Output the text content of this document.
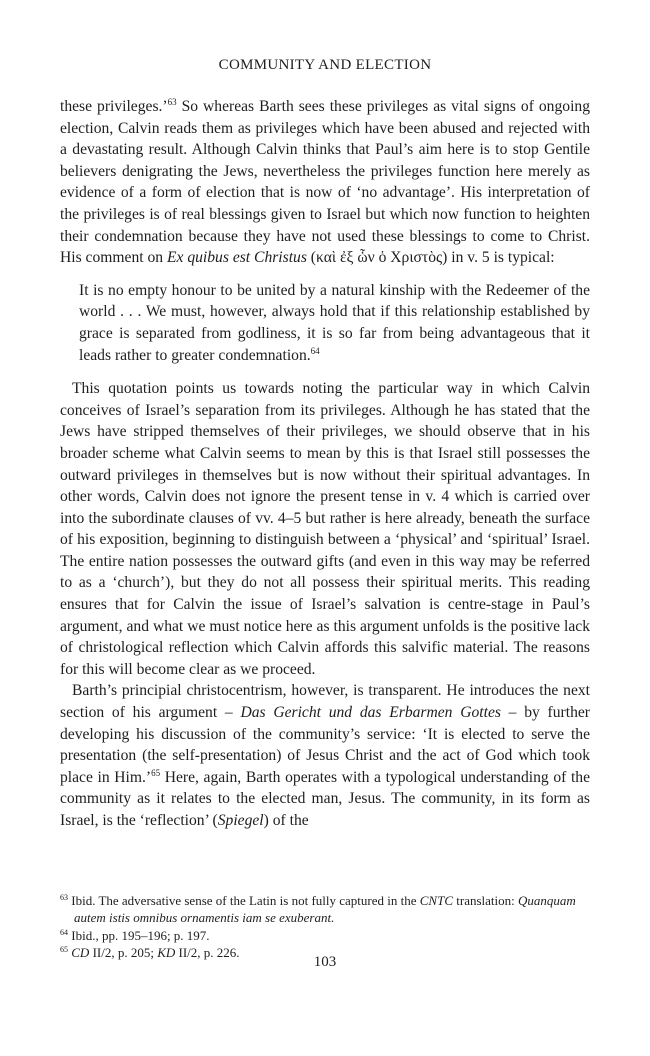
COMMUNITY AND ELECTION

these privileges.’$^{63}$ So whereas Barth sees these privileges as vital signs of ongoing election, Calvin reads them as privileges which have been abused and rejected with a devastating result. Although Calvin thinks that Paul’s aim here is to stop Gentile believers denigrating the Jews, nevertheless the privileges function here merely as evidence of a form of election that is now of ‘no advantage’. His interpretation of the privileges is of real blessings given to Israel but which now function to heighten their condemnation because they have not used these blessings to come to Christ. His comment on Ex quibus est Christus (καὶ ἐξ ὧν ὁ Χριστὸς) in v. 5 is typical:

It is no empty honour to be united by a natural kinship with the Redeemer of the world . . . We must, however, always hold that if this relationship established by grace is separated from godliness, it is so far from being advantageous that it leads rather to greater condemnation.$^{64}$

This quotation points us towards noting the particular way in which Calvin conceives of Israel’s separation from its privileges. Although he has stated that the Jews have stripped themselves of their privileges, we should observe that in his broader scheme what Calvin seems to mean by this is that Israel still possesses the outward privileges in themselves but is now without their spiritual advantages. In other words, Calvin does not ignore the present tense in v. 4 which is carried over into the subordinate clauses of vv. 4–5 but rather is here already, beneath the surface of his exposition, beginning to distinguish between a ‘physical’ and ‘spiritual’ Israel. The entire nation possesses the outward gifts (and even in this way may be referred to as a ‘church’), but they do not all possess their spiritual merits. This reading ensures that for Calvin the issue of Israel’s salvation is centre-stage in Paul’s argument, and what we must notice here as this argument unfolds is the positive lack of christological reflection which Calvin affords this salvific material. The reasons for this will become clear as we proceed.

Barth’s principial christocentrism, however, is transparent. He introduces the next section of his argument – Das Gericht und das Erbarmen Gottes – by further developing his discussion of the community’s service: ‘It is elected to serve the presentation (the self-presentation) of Jesus Christ and the act of God which took place in Him.’$^{65}$ Here, again, Barth operates with a typological understanding of the community as it relates to the elected man, Jesus. The community, in its form as Israel, is the ‘reflection’ (Spiegel) of the

$^{63}$ Ibid. The adversative sense of the Latin is not fully captured in the CNTC translation: Quanquam autem istis omnibus ornamentis iam se exuberant.

$^{64}$ Ibid., pp. 195–196; p. 197.

$^{65}$ CD II/2, p. 205; KD II/2, p. 226.

103
